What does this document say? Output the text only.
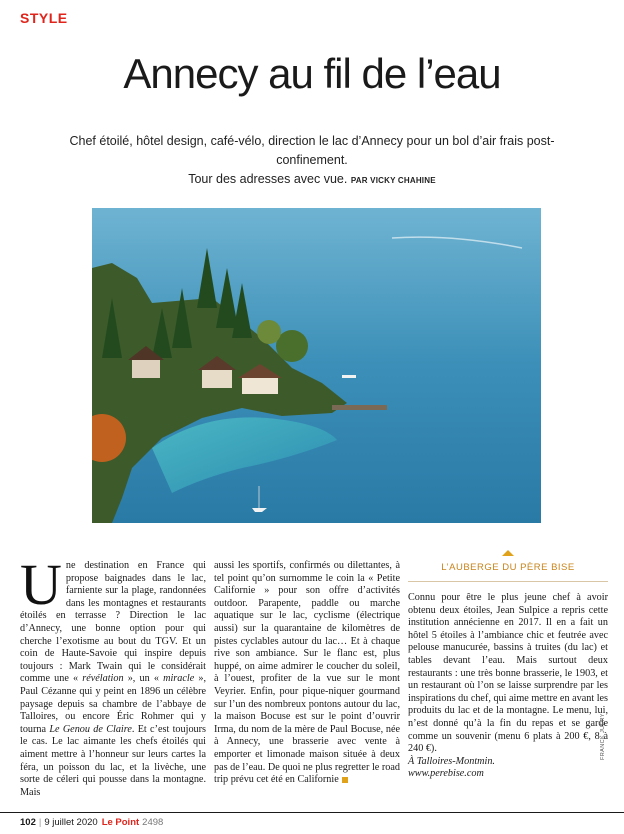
STYLE
Annecy au fil de l’eau
Chef étoilé, hôtel design, café-vélo, direction le lac d’Annecy pour un bol d’air frais post-confinement.
Tour des adresses avec vue. PAR VICKY CHAHINE
U ne destination en France qui propose baignades dans le lac, farniente sur la plage, randonnées dans les montagnes et restaurants étoilés en terrasse ? Direction le lac d’Annecy, une bonne option pour qui cherche l’exotisme au bout du TGV. Et un coin de Haute-Savoie qui inspire depuis toujours : Mark Twain qui le considérait comme une « révélation », un « miracle », Paul Cézanne qui y peint en 1896 un célèbre paysage depuis sa chambre de l’abbaye de Talloires, ou encore Éric Rohmer qui y tourna Le Genou de Claire. Et c’est toujours le cas. Le lac aimante les chefs étoilés qui aiment mettre à l’honneur sur leurs cartes la féra, un poisson du lac, et la livèche, une sorte de céleri qui pousse dans la montagne. Mais

aussi les sportifs, confirmés ou dilettantes, à tel point qu’on surnomme le coin la « Petite Californie » pour son offre d’activités outdoor. Parapente, paddle ou marche aquatique sur le lac, cyclisme (électrique aussi) sur la quarantaine de kilomètres de pistes cyclables autour du lac… Et à chaque rive son ambiance. Sur le flanc est, plus huppé, on aime admirer le coucher du soleil, à l’ouest, profiter de la vue sur le mont Veyrier. Enfin, pour pique-niquer gourmand sur l’un des nombreux pontons autour du lac, la maison Bocuse est sur le point d’ouvrir Irma, du nom de la mère de Paul Bocuse, née à Annecy, une brasserie avec vente à emporter et limonade maison située à deux pas de l’eau. De quoi ne plus regretter le road trip prévu cet été en Californie

L’AUBERGE DU PÈRE BISE
Connu pour être le plus jeune chef à avoir obtenu deux étoiles, Jean Sulpice a repris cette institution annécienne en 2017. Il en a fait un hôtel 5 étoiles à l’ambiance chic et feutrée avec pelouse manucurée, bassins à truites (du lac) et tables devant l’eau. Mais surtout deux restaurants : une très bonne brasserie, le 1903, et un restaurant où l’on se laisse surprendre par les inspirations du chef, qui aime mettre en avant les produits du lac et de la montagne. Le menu, lui, n’est donné qu’à la fin du repas et se garde comme un souvenir (menu 6 plats à 200 €, 8 à 240 €).
À Talloires-Montmin.
www.perebise.com
FRANCK JUERY
102 | 9 juillet 2020 Le Point 2498
